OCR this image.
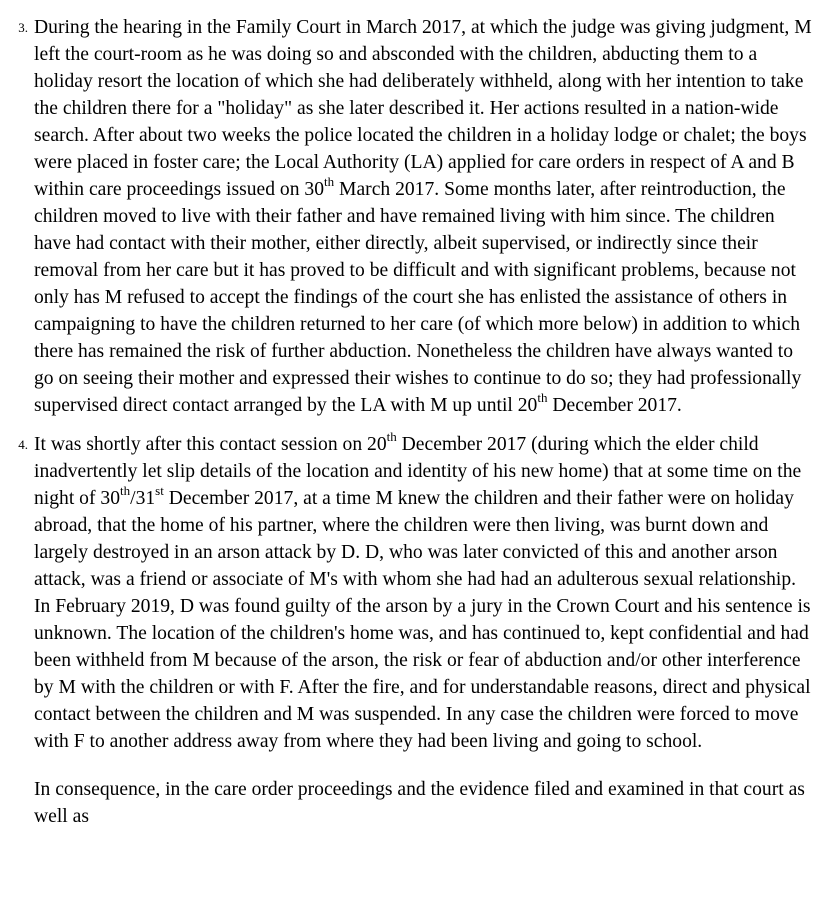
3. During the hearing in the Family Court in March 2017, at which the judge was giving judgment, M left the court-room as he was doing so and absconded with the children, abducting them to a holiday resort the location of which she had deliberately withheld, along with her intention to take the children there for a "holiday" as she later described it. Her actions resulted in a nation-wide search. After about two weeks the police located the children in a holiday lodge or chalet; the boys were placed in foster care; the Local Authority (LA) applied for care orders in respect of A and B within care proceedings issued on 30th March 2017. Some months later, after reintroduction, the children moved to live with their father and have remained living with him since. The children have had contact with their mother, either directly, albeit supervised, or indirectly since their removal from her care but it has proved to be difficult and with significant problems, because not only has M refused to accept the findings of the court she has enlisted the assistance of others in campaigning to have the children returned to her care (of which more below) in addition to which there has remained the risk of further abduction. Nonetheless the children have always wanted to go on seeing their mother and expressed their wishes to continue to do so; they had professionally supervised direct contact arranged by the LA with M up until 20th December 2017.

4. It was shortly after this contact session on 20th December 2017 (during which the elder child inadvertently let slip details of the location and identity of his new home) that at some time on the night of 30th/31st December 2017, at a time M knew the children and their father were on holiday abroad, that the home of his partner, where the children were then living, was burnt down and largely destroyed in an arson attack by D. D, who was later convicted of this and another arson attack, was a friend or associate of M's with whom she had had an adulterous sexual relationship. In February 2019, D was found guilty of the arson by a jury in the Crown Court and his sentence is unknown. The location of the children's home was, and has continued to, kept confidential and had been withheld from M because of the arson, the risk or fear of abduction and/or other interference by M with the children or with F. After the fire, and for understandable reasons, direct and physical contact between the children and M was suspended. In any case the children were forced to move with F to another address away from where they had been living and going to school.

In consequence, in the care order proceedings and the evidence filed and examined in that court as well as
